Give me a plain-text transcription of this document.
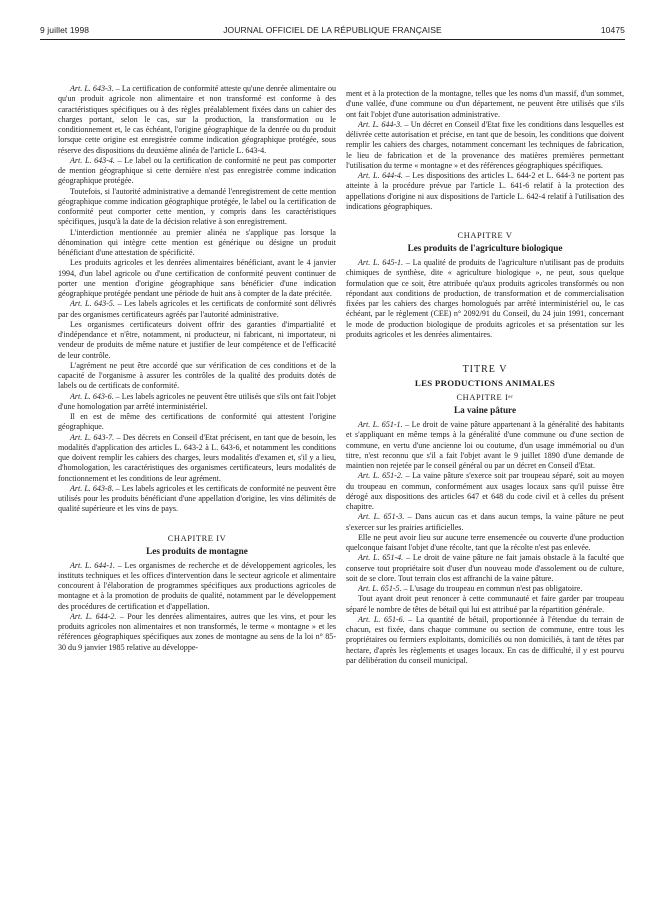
9 juillet 1998	JOURNAL OFFICIEL DE LA RÉPUBLIQUE FRANÇAISE	10475

Art. L. 643-3. – La certification de conformité atteste qu'une denrée alimentaire ou qu'un produit agricole non alimentaire et non transformé est conforme à des caractéristiques spécifiques ou à des règles préalablement fixées dans un cahier des charges portant, selon le cas, sur la production, la transformation ou le conditionnement et, le cas échéant, l'origine géographique de la denrée ou du produit lorsque cette origine est enregistrée comme indication géographique protégée, sous réserve des dispositions du deuxième alinéa de l'article L. 643-4.

Art. L. 643-4. – Le label ou la certification de conformité ne peut pas comporter de mention géographique si cette dernière n'est pas enregistrée comme indication géographique protégée.

Toutefois, si l'autorité administrative a demandé l'enregistrement de cette mention géographique comme indication géographique protégée, le label ou la certification de conformité peut comporter cette mention, y compris dans les caractéristiques spécifiques, jusqu'à la date de la décision relative à son enregistrement.

L'interdiction mentionnée au premier alinéa ne s'applique pas lorsque la dénomination qui intègre cette mention est générique ou désigne un produit bénéficiant d'une attestation de spécificité.

Les produits agricoles et les denrées alimentaires bénéficiant, avant le 4 janvier 1994, d'un label agricole ou d'une certification de conformité peuvent continuer de porter une mention d'origine géographique sans bénéficier d'une indication géographique protégée pendant une période de huit ans à compter de la date précitée.

Art. L. 643-5. – Les labels agricoles et les certificats de conformité sont délivrés par des organismes certificateurs agréés par l'autorité administrative.

Les organismes certificateurs doivent offrir des garanties d'impartialité et d'indépendance et n'être, notamment, ni producteur, ni fabricant, ni importateur, ni vendeur de produits de même nature et justifier de leur compétence et de l'efficacité de leur contrôle.

L'agrément ne peut être accordé que sur vérification de ces conditions et de la capacité de l'organisme à assurer les contrôles de la qualité des produits dotés de labels ou de certificats de conformité.

Art. L. 643-6. – Les labels agricoles ne peuvent être utilisés que s'ils ont fait l'objet d'une homologation par arrêté interministériel.

Il en est de même des certifications de conformité qui attestent l'origine géographique.

Art. L. 643-7. – Des décrets en Conseil d'Etat précisent, en tant que de besoin, les modalités d'application des articles L. 643-2 à L. 643-6, et notamment les conditions que doivent remplir les cahiers des charges, leurs modalités d'examen et, s'il y a lieu, d'homologation, les caractéristiques des organismes certificateurs, leurs modalités de fonctionnement et les conditions de leur agrément.

Art. L. 643-8. – Les labels agricoles et les certificats de conformité ne peuvent être utilisés pour les produits bénéficiant d'une appellation d'origine, les vins délimités de qualité supérieure et les vins de pays.

CHAPITRE IV
Les produits de montagne

Art. L. 644-1. – Les organismes de recherche et de développement agricoles, les instituts techniques et les offices d'intervention dans le secteur agricole et alimentaire concourent à l'élaboration de programmes spécifiques aux productions agricoles de montagne et à la promotion de produits de qualité, notamment par le développement des procédures de certification et d'appellation.

Art. L. 644-2. – Pour les denrées alimentaires, autres que les vins, et pour les produits agricoles non alimentaires et non transformés, le terme « montagne » et les références géographiques spécifiques aux zones de montagne au sens de la loi n° 85-30 du 9 janvier 1985 relative au développe-

ment et à la protection de la montagne, telles que les noms d'un massif, d'un sommet, d'une vallée, d'une commune ou d'un département, ne peuvent être utilisés que s'ils ont fait l'objet d'une autorisation administrative.

Art. L. 644-3. – Un décret en Conseil d'Etat fixe les conditions dans lesquelles est délivrée cette autorisation et précise, en tant que de besoin, les conditions que doivent remplir les cahiers des charges, notamment concernant les techniques de fabrication, le lieu de fabrication et de la provenance des matières premières permettant l'utilisation du terme « montagne » et des références géographiques spécifiques.

Art. L. 644-4. – Les dispositions des articles L. 644-2 et L. 644-3 ne portent pas atteinte à la procédure prévue par l'article L. 641-6 relatif à la protection des appellations d'origine ni aux dispositions de l'article L. 642-4 relatif à l'utilisation des indications géographiques.

CHAPITRE V
Les produits de l'agriculture biologique

Art. L. 645-1. – La qualité de produits de l'agriculture n'utilisant pas de produits chimiques de synthèse, dite « agriculture biologique », ne peut, sous quelque formulation que ce soit, être attribuée qu'aux produits agricoles transformés ou non répondant aux conditions de production, de transformation et de commercialisation fixées par les cahiers des charges homologués par arrêté interministériel ou, le cas échéant, par le règlement (CEE) n° 2092/91 du Conseil, du 24 juin 1991, concernant le mode de production biologique de produits agricoles et sa présentation sur les produits agricoles et les denrées alimentaires.

TITRE V
LES PRODUCTIONS ANIMALES
CHAPITRE Iᵉʳ
La vaine pâture

Art. L. 651-1. – Le droit de vaine pâture appartenant à la généralité des habitants et s'appliquant en même temps à la généralité d'une commune ou d'une section de commune, en vertu d'une ancienne loi ou coutume, d'un usage immémorial ou d'un titre, n'est reconnu que s'il a fait l'objet avant le 9 juillet 1890 d'une demande de maintien non rejetée par le conseil général ou par un décret en Conseil d'Etat.

Art. L. 651-2. – La vaine pâture s'exerce soit par troupeau séparé, soit au moyen du troupeau en commun, conformément aux usages locaux sans qu'il puisse être dérogé aux dispositions des articles 647 et 648 du code civil et à celles du présent chapitre.

Art. L. 651-3. – Dans aucun cas et dans aucun temps, la vaine pâture ne peut s'exercer sur les prairies artificielles.

Elle ne peut avoir lieu sur aucune terre ensemencée ou couverte d'une production quelconque faisant l'objet d'une récolte, tant que la récolte n'est pas enlevée.

Art. L. 651-4. – Le droit de vaine pâture ne fait jamais obstacle à la faculté que conserve tout propriétaire soit d'user d'un nouveau mode d'assolement ou de culture, soit de se clore. Tout terrain clos est affranchi de la vaine pâture.

Art. L. 651-5. – L'usage du troupeau en commun n'est pas obligatoire.

Tout ayant droit peut renoncer à cette communauté et faire garder par troupeau séparé le nombre de têtes de bétail qui lui est attribué par la répartition générale.

Art. L. 651-6. – La quantité de bétail, proportionnée à l'étendue du terrain de chacun, est fixée, dans chaque commune ou section de commune, entre tous les propriétaires ou fermiers exploitants, domiciliés ou non domiciliés, à tant de têtes par hectare, d'après les règlements et usages locaux. En cas de difficulté, il y est pourvu par délibération du conseil municipal.
